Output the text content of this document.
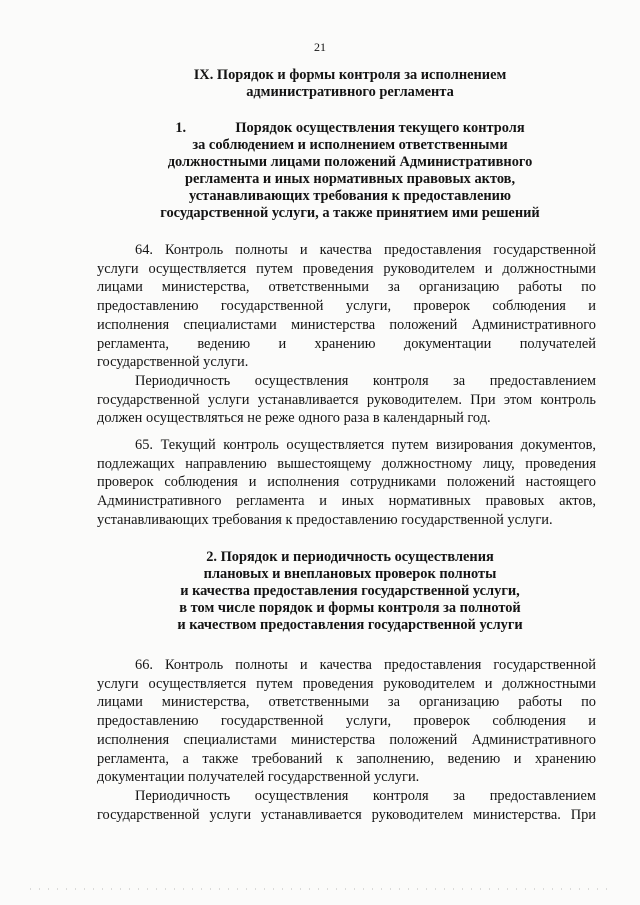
21
IX. Порядок и формы контроля за исполнением
административного регламента
1.	Порядок осуществления текущего контроля
за соблюдением и исполнением ответственными
должностными лицами положений Административного
регламента и иных нормативных правовых актов,
устанавливающих требования к предоставлению
государственной услуги, а также принятием ими решений
64. Контроль полноты и качества предоставления государственной
услуги осуществляется путем проведения руководителем и должностными
лицами министерства, ответственными за организацию работы по
предоставлению государственной услуги, проверок соблюдения и
исполнения специалистами министерства положений Административного
регламента, ведению и хранению документации получателей
государственной услуги.
Периодичность осуществления контроля за предоставлением
государственной услуги устанавливается руководителем. При этом контроль
должен осуществляться не реже одного раза в календарный год.
65. Текущий контроль осуществляется путем визирования документов,
подлежащих направлению вышестоящему должностному лицу, проведения
проверок соблюдения и исполнения сотрудниками положений настоящего
Административного регламента и иных нормативных правовых актов,
устанавливающих требования к предоставлению государственной услуги.
2. Порядок и периодичность осуществления
плановых и внеплановых проверок полноты
и качества предоставления государственной услуги,
в том числе порядок и формы контроля за полнотой
и качеством предоставления государственной услуги
66. Контроль полноты и качества предоставления государственной
услуги осуществляется путем проведения руководителем и должностными
лицами министерства, ответственными за организацию работы по
предоставлению государственной услуги, проверок соблюдения и
исполнения специалистами министерства положений Административного
регламента, а также требований к заполнению, ведению и хранению
документации получателей государственной услуги.
Периодичность осуществления контроля за предоставлением
государственной услуги устанавливается руководителем министерства. При
